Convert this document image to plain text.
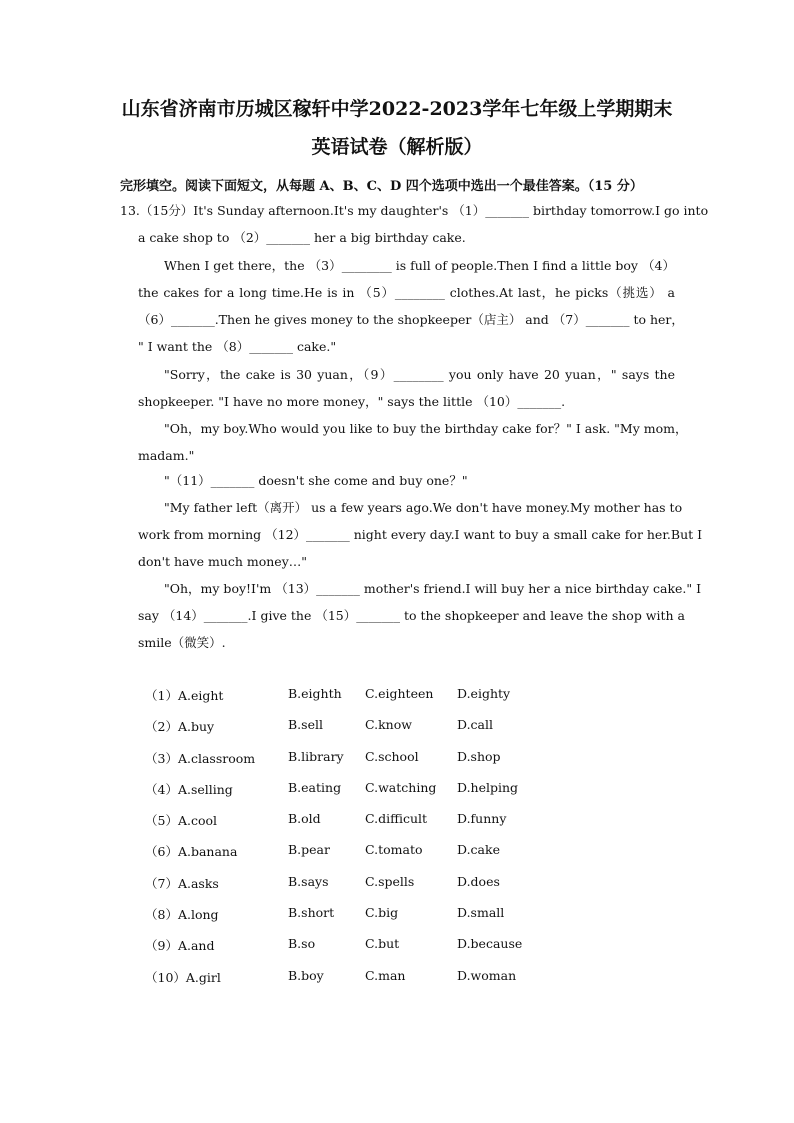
山东省济南市历城区稼轩中学2022-2023学年七年级上学期期末
英语试卷（解析版）
完形填空。阅读下面短文，从每题 A、B、C、D 四个选项中选出一个最佳答案。（15 分）
13.（15分）It's Sunday afternoon.It's my daughter's （1）_______ birthday tomorrow.I go into
a cake shop to （2）_______ her a big birthday cake.
When I get there，the （3）________ is full of people.Then I find a little boy （4）
the cakes for a long time.He is in （5）________ clothes.At last，he picks（挑选） a
（6）_______.Then he gives money to the shopkeeper（店主） and （7）_______ to her，
" I want the （8）_______ cake."
"Sorry，the cake is 30 yuan，（9）________ you only have 20 yuan，" says the
shopkeeper. "I have no more money，" says the little （10）_______.
"Oh，my boy.Who would you like to buy the birthday cake for？" I ask. "My mom，
madam."
"（11）_______ doesn't she come and buy one？"
"My father left（离开） us a few years ago.We don't have money.My mother has to
work from morning （12）_______ night every day.I want to buy a small cake for her.But I
don't have much money…"
"Oh，my boy!I'm （13）_______ mother's friend.I will buy her a nice birthday cake." I
say （14）_______.I give the （15）_______ to the shopkeeper and leave the shop with a
smile（微笑）.
（1）A.eight	B.eighth C.eighteen D.eighty
（2）A.buy	B.sell	C.know	D.call
（3）A.classroom	B.library C.school	D.shop
（4）A.selling	B.eating C.watching D.helping
（5）A.cool	B.old	C.difficult D.funny
（6）A.banana	B.pear	C.tomato	D.cake
（7）A.asks	B.says	C.spells	D.does
（8）A.long	B.short C.big	D.small
（9）A.and	B.so	C.but	D.because
（10）A.girl	B.boy	C.man	D.woman
